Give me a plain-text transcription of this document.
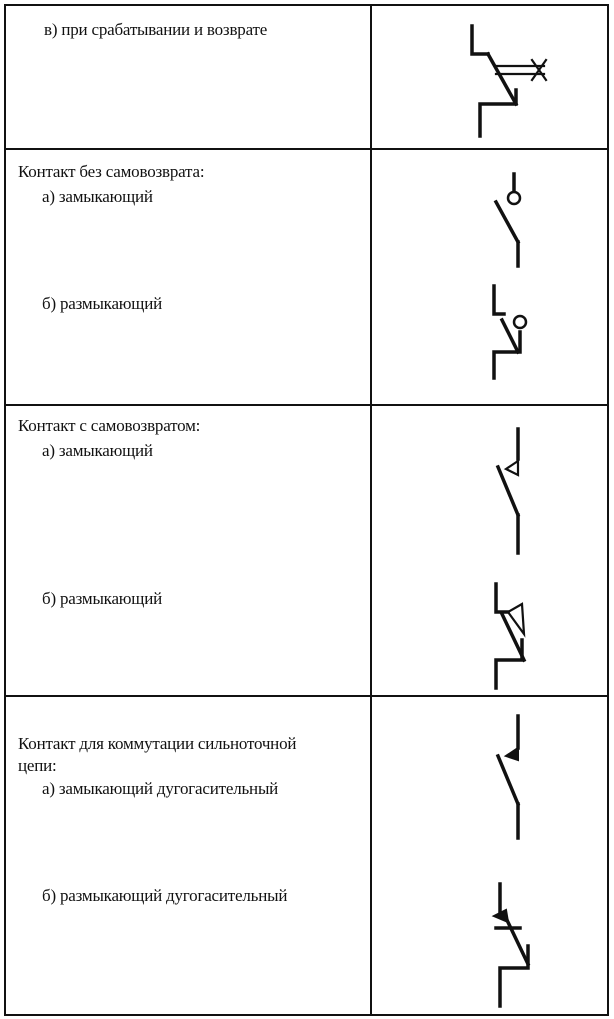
в) при срабатывании и возврате
Контакт без самовозврата:
а) замыкающий
б) размыкающий
Контакт с самовозвратом:
а) замыкающий
б) размыкающий
Контакт для коммутации сильноточной
цепи:
а) замыкающий дугогасительный
б) размыкающий дугогасительный
